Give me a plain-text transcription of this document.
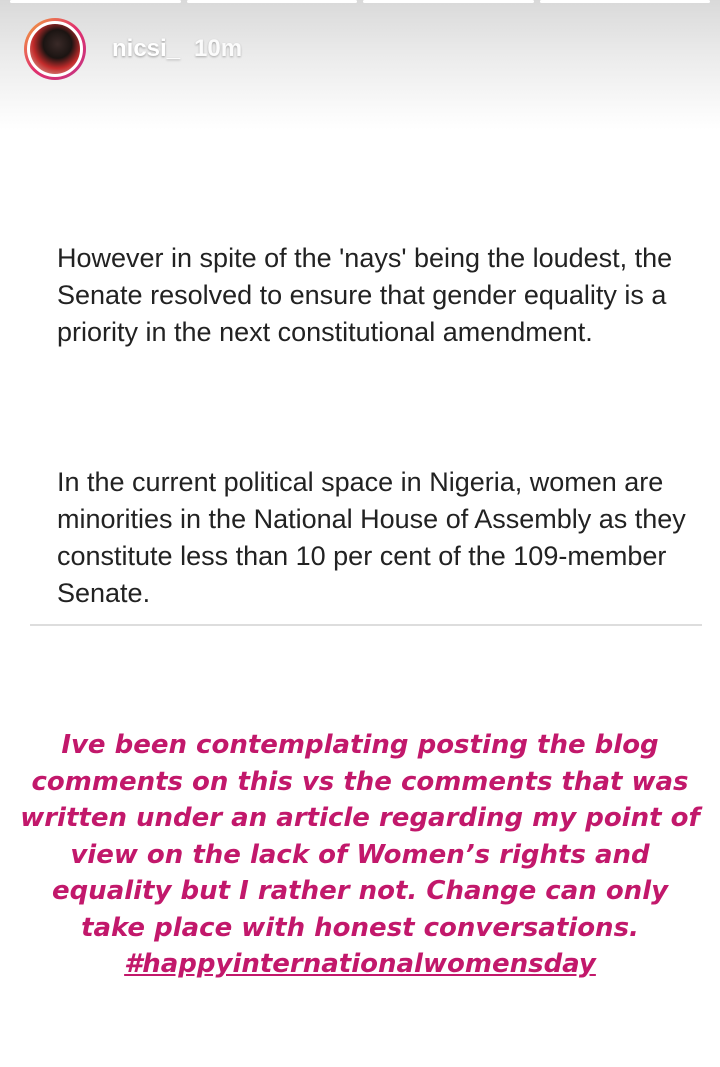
nicsi_ 10m

However in spite of the 'nays' being the loudest, the Senate resolved to ensure that gender equality is a priority in the next constitutional amendment.

In the current political space in Nigeria, women are minorities in the National House of Assembly as they constitute less than 10 per cent of the 109-member Senate.

Ive been contemplating posting the blog comments on this vs the comments that was written under an article regarding my point of view on the lack of Women’s rights and equality but I rather not. Change can only take place with honest conversations.
#happyinternationalwomensday
